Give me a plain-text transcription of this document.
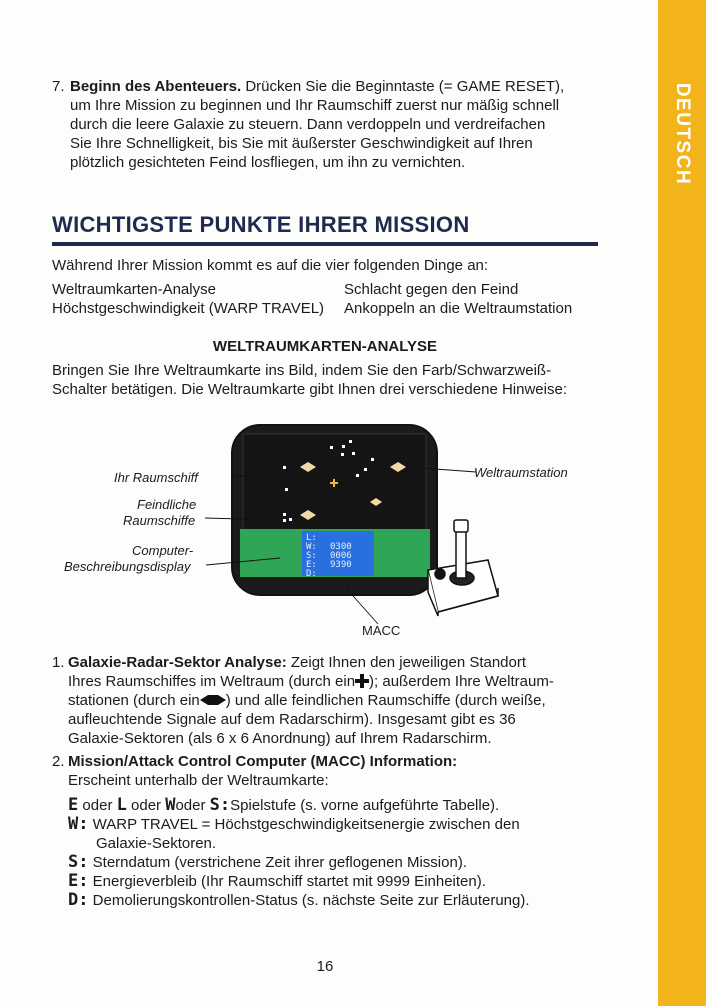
DEUTSCH
7. Beginn des Abenteuers. Drücken Sie die Beginntaste (= GAME RESET),
um Ihre Mission zu beginnen und Ihr Raumschiff zuerst nur mäßig schnell
durch die leere Galaxie zu steuern. Dann verdoppeln und verdreifachen
Sie Ihre Schnelligkeit, bis Sie mit äußerster Geschwindigkeit auf Ihren
plötzlich gesichteten Feind losfliegen, um ihn zu vernichten.
WICHTIGSTE PUNKTE IHRER MISSION
Während Ihrer Mission kommt es auf die vier folgenden Dinge an:
Weltraumkarten-Analyse	Schlacht gegen den Feind
Höchstgeschwindigkeit (WARP TRAVEL) Ankoppeln an die Weltraumstation
WELTRAUMKARTEN-ANALYSE
Bringen Sie Ihre Weltraumkarte ins Bild, indem Sie den Farb/Schwarzweiß-
Schalter betätigen. Die Weltraumkarte gibt Ihnen drei verschiedene Hinweise:
L:
W:
S:
E:
D:
0300
0006
9390
Ihr Raumschiff
Feindliche
Raumschiffe
Computer-
Beschreibungsdisplay
Weltraumstation
MACC
1. Galaxie-Radar-Sektor Analyse: Zeigt Ihnen den jeweiligen Standort
Ihres Raumschiffes im Weltraum (durch ein ); außerdem Ihre Weltraum-
stationen (durch ein ) und alle feindlichen Raumschiffe (durch weiße,
aufleuchtende Signale auf dem Radarschirm). Insgesamt gibt es 36
Galaxie-Sektoren (als 6 x 6 Anordnung) auf Ihrem Radarschirm.
2. Mission/Attack Control Computer (MACC) Information:
Erscheint unterhalb der Weltraumkarte:
E oder L oder Woder S:Spielstufe (s. vorne aufgeführte Tabelle).
W: WARP TRAVEL = Höchstgeschwindigkeitsenergie zwischen den
Galaxie-Sektoren.
S: Sterndatum (verstrichene Zeit ihrer geflogenen Mission).
E: Energieverbleib (Ihr Raumschiff startet mit 9999 Einheiten).
D: Demolierungskontrollen-Status (s. nächste Seite zur Erläuterung).
16
